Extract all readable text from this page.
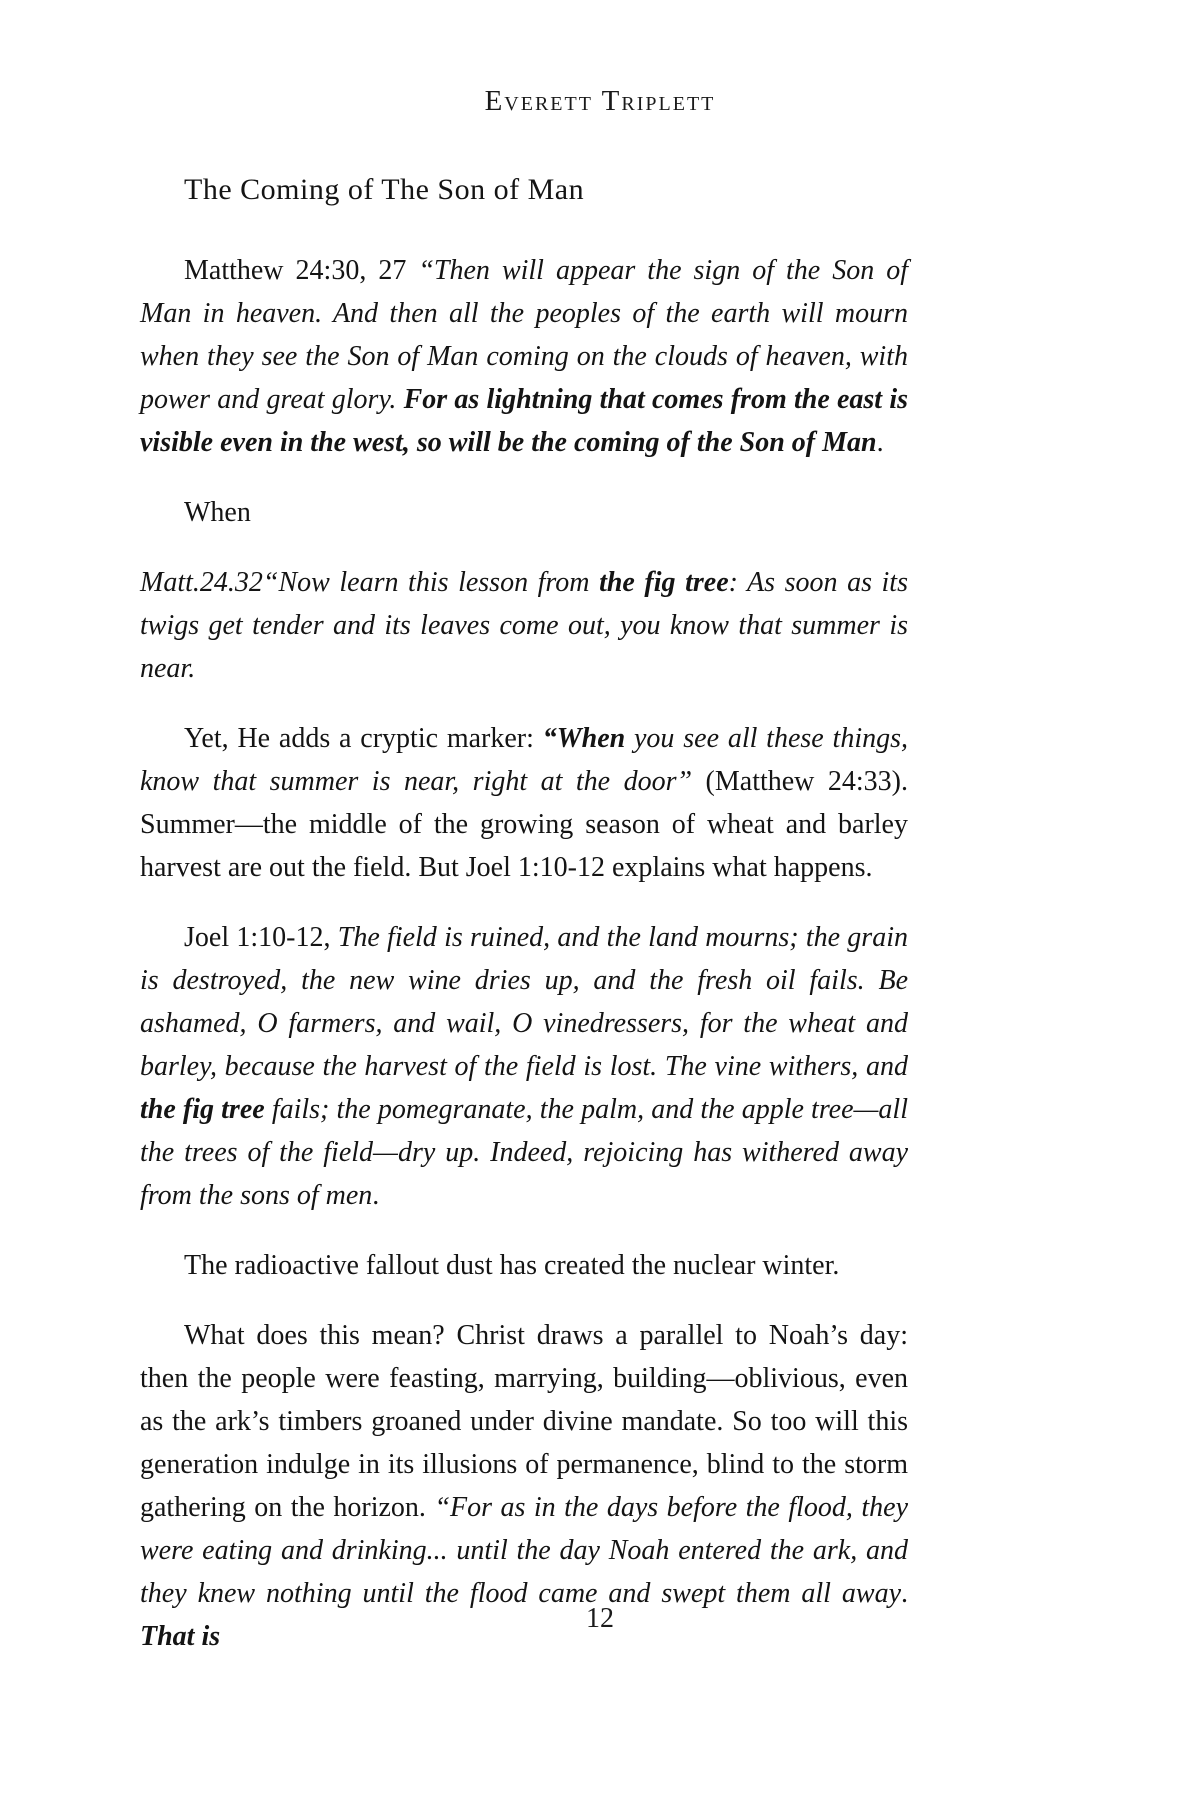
Everett Triplett
The Coming of The Son of Man

Matthew 24:30, 27 “Then will appear the sign of the Son of Man in heaven. And then all the peoples of the earth will mourn when they see the Son of Man coming on the clouds of heaven, with power and great glory. For as lightning that comes from the east is visible even in the west, so will be the coming of the Son of Man.

When

Matt.24.32“Now learn this lesson from the fig tree: As soon as its twigs get tender and its leaves come out, you know that summer is near.

Yet, He adds a cryptic marker: “When you see all these things, know that summer is near, right at the door” (Matthew 24:33). Summer—the middle of the growing season of wheat and barley harvest are out the field. But Joel 1:10-12 explains what happens.

Joel 1:10-12, The field is ruined, and the land mourns; the grain is destroyed, the new wine dries up, and the fresh oil fails. Be ashamed, O farmers, and wail, O vinedressers, for the wheat and barley, because the harvest of the field is lost. The vine withers, and the fig tree fails; the pomegranate, the palm, and the apple tree—all the trees of the field—dry up. Indeed, rejoicing has withered away from the sons of men.

The radioactive fallout dust has created the nuclear winter.

What does this mean? Christ draws a parallel to Noah’s day: then the people were feasting, marrying, building—oblivious, even as the ark’s timbers groaned under divine mandate. So too will this generation indulge in its illusions of permanence, blind to the storm gathering on the horizon. “For as in the days before the flood, they were eating and drinking... until the day Noah entered the ark, and they knew nothing until the flood came and swept them all away. That is

12
